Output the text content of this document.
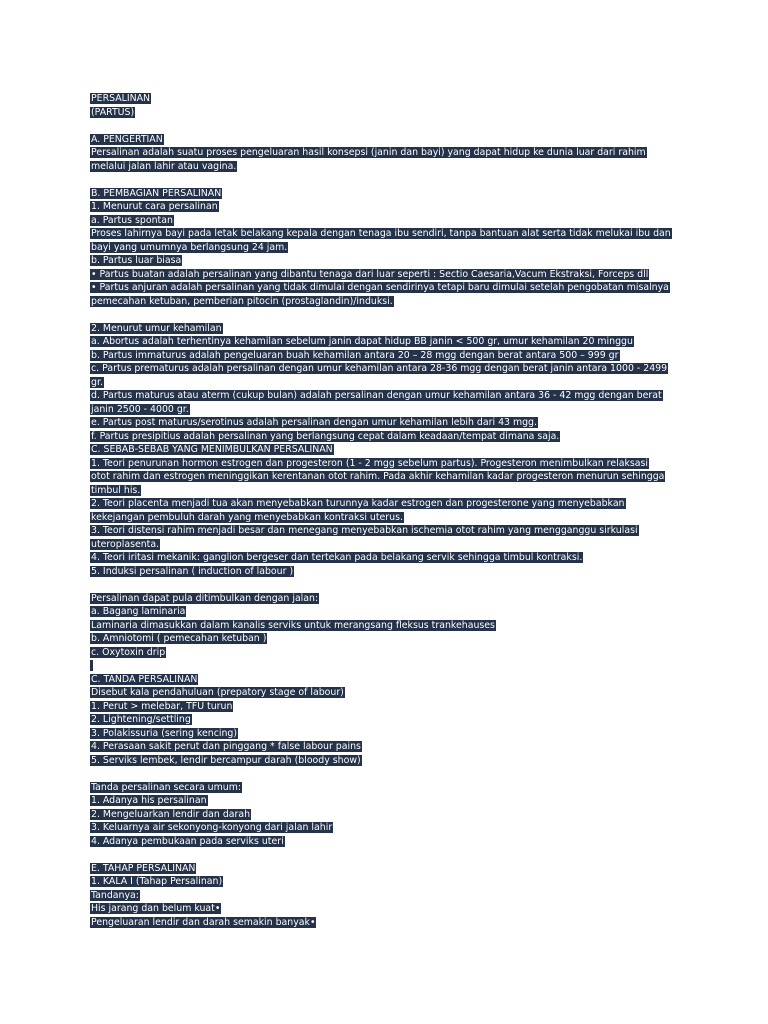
PERSALINAN
(PARTUS)
A. PENGERTIAN
Persalinan adalah suatu proses pengeluaran hasil konsepsi (janin dan bayi) yang dapat hidup ke dunia luar dari rahim
melalui jalan lahir atau vagina.
B. PEMBAGIAN PERSALINAN
1. Menurut cara persalinan
a. Partus spontan
Proses lahirnya bayi pada letak belakang kepala dengan tenaga ibu sendiri, tanpa bantuan alat serta tidak melukai ibu dan
bayi yang umumnya berlangsung 24 jam.
b. Partus luar biasa
• Partus buatan adalah persalinan yang dibantu tenaga dari luar seperti : Sectio Caesaria,Vacum Ekstraksi, Forceps dll
• Partus anjuran adalah persalinan yang tidak dimulai dengan sendirinya tetapi baru dimulai setelah pengobatan misalnya
pemecahan ketuban, pemberian pitocin (prostaglandin)/induksi.
2. Menurut umur kehamilan
a. Abortus adalah terhentinya kehamilan sebelum janin dapat hidup BB janin < 500 gr, umur kehamilan 20 minggu
b. Partus immaturus adalah pengeluaran buah kehamilan antara 20 – 28 mgg dengan berat antara 500 – 999 gr
c. Partus prematurus adalah persalinan dengan umur kehamilan antara 28-36 mgg dengan berat janin antara 1000 - 2499
gr.
d. Partus maturus atau aterm (cukup bulan) adalah persalinan dengan umur kehamilan antara 36 - 42 mgg dengan berat
janin 2500 - 4000 gr.
e. Partus post maturus/serotinus adalah persalinan dengan umur kehamilan lebih dari 43 mgg.
f. Partus presipitius adalah persalinan yang berlangsung cepat dalam keadaan/tempat dimana saja.
C. SEBAB-SEBAB YANG MENIMBULKAN PERSALINAN
1. Teori penurunan hormon estrogen dan progesteron (1 - 2 mgg sebelum partus). Progesteron menimbulkan relaksasi
otot rahim dan estrogen meninggikan kerentanan otot rahim. Pada akhir kehamilan kadar progesteron menurun sehingga
timbul his.
2. Teori placenta menjadi tua akan menyebabkan turunnya kadar estrogen dan progesterone yang menyebabkan
kekejangan pembuluh darah yang menyebabkan kontraksi uterus.
3. Teori distensi rahim menjadi besar dan menegang menyebabkan ischemia otot rahim yang mengganggu sirkulasi
uteroplasenta.
4. Teori iritasi mekanik: ganglion bergeser dan tertekan pada belakang servik sehingga timbul kontraksi.
5. Induksi persalinan ( induction of labour )
Persalinan dapat pula ditimbulkan dengan jalan:
a. Bagang laminaria
Laminaria dimasukkan dalam kanalis serviks untuk merangsang fleksus trankehauses
b. Amniotomi ( pemecahan ketuban )
c. Oxytoxin drip
C. TANDA PERSALINAN
Disebut kala pendahuluan (prepatory stage of labour)
1. Perut > melebar, TFU turun
2. Lightening/settling
3. Polakissuria (sering kencing)
4. Perasaan sakit perut dan pinggang * false labour pains
5. Serviks lembek, lendir bercampur darah (bloody show)
Tanda persalinan secara umum:
1. Adanya his persalinan
2. Mengeluarkan lendir dan darah
3. Keluarnya air sekonyong-konyong dari jalan lahir
4. Adanya pembukaan pada serviks uteri
E. TAHAP PERSALINAN
1. KALA I (Tahap Persalinan)
Tandanya:
His jarang dan belum kuat•
Pengeluaran lendir dan darah semakin banyak•
